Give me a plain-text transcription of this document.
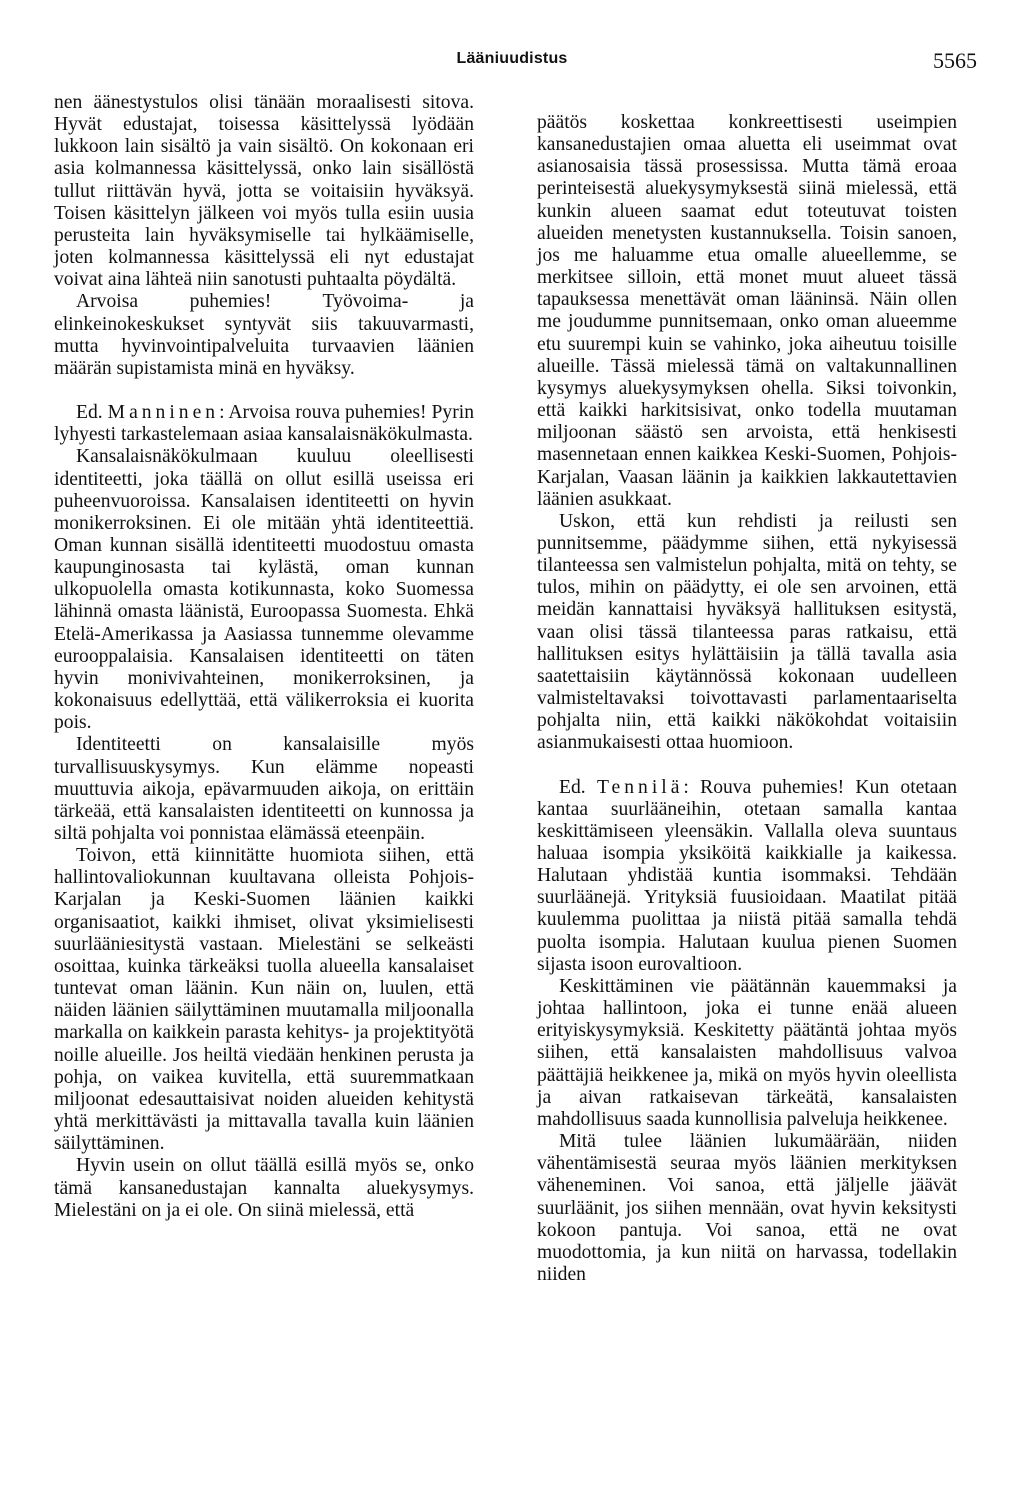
Lääniuudistus	5565

nen äänestystulos olisi tänään moraalisesti sitova. Hyvät edustajat, toisessa käsittelyssä lyödään lukkoon lain sisältö ja vain sisältö. On kokonaan eri asia kolmannessa käsittelyssä, onko lain sisällöstä tullut riittävän hyvä, jotta se voitaisiin hyväksyä. Toisen käsittelyn jälkeen voi myös tulla esiin uusia perusteita lain hyväksymiselle tai hylkäämiselle, joten kolmannessa käsittelyssä eli nyt edustajat voivat aina lähteä niin sanotusti puhtaalta pöydältä.

Arvoisa puhemies! Työvoima- ja elinkeinokeskukset syntyvät siis takuuvarmasti, mutta hyvinvointipalveluita turvaavien läänien määrän supistamista minä en hyväksy.

Ed. Manninen: Arvoisa rouva puhemies! Pyrin lyhyesti tarkastelemaan asiaa kansalaisnäkökulmasta.

Kansalaisnäkökulmaan kuuluu oleellisesti identiteetti, joka täällä on ollut esillä useissa eri puheenvuoroissa. Kansalaisen identiteetti on hyvin monikerroksinen. Ei ole mitään yhtä identiteettiä. Oman kunnan sisällä identiteetti muodostuu omasta kaupunginosasta tai kylästä, oman kunnan ulkopuolella omasta kotikunnasta, koko Suomessa lähinnä omasta läänistä, Euroopassa Suomesta. Ehkä Etelä-Amerikassa ja Aasiassa tunnemme olevamme eurooppalaisia. Kansalaisen identiteetti on täten hyvin monivivahteinen, monikerroksinen, ja kokonaisuus edellyttää, että välikerroksia ei kuorita pois.

Identiteetti on kansalaisille myös turvallisuuskysymys. Kun elämme nopeasti muuttuvia aikoja, epävarmuuden aikoja, on erittäin tärkeää, että kansalaisten identiteetti on kunnossa ja siltä pohjalta voi ponnistaa elämässä eteenpäin.

Toivon, että kiinnitätte huomiota siihen, että hallintovaliokunnan kuultavana olleista Pohjois-Karjalan ja Keski-Suomen läänien kaikki organisaatiot, kaikki ihmiset, olivat yksimielisesti suurlääniesitystä vastaan. Mielestäni se selkeästi osoittaa, kuinka tärkeäksi tuolla alueella kansalaiset tuntevat oman läänin. Kun näin on, luulen, että näiden läänien säilyttäminen muutamalla miljoonalla markalla on kaikkein parasta kehitys- ja projektityötä noille alueille. Jos heiltä viedään henkinen perusta ja pohja, on vaikea kuvitella, että suuremmatkaan miljoonat edesauttaisivat noiden alueiden kehitystä yhtä merkittävästi ja mittavalla tavalla kuin läänien säilyttäminen.

Hyvin usein on ollut täällä esillä myös se, onko tämä kansanedustajan kannalta aluekysymys. Mielestäni on ja ei ole. On siinä mielessä, että

päätös koskettaa konkreettisesti useimpien kansanedustajien omaa aluetta eli useimmat ovat asianosaisia tässä prosessissa. Mutta tämä eroaa perinteisestä aluekysymyksestä siinä mielessä, että kunkin alueen saamat edut toteutuvat toisten alueiden menetysten kustannuksella. Toisin sanoen, jos me haluamme etua omalle alueellemme, se merkitsee silloin, että monet muut alueet tässä tapauksessa menettävät oman lääninsä. Näin ollen me joudumme punnitsemaan, onko oman alueemme etu suurempi kuin se vahinko, joka aiheutuu toisille alueille. Tässä mielessä tämä on valtakunnallinen kysymys aluekysymyksen ohella. Siksi toivonkin, että kaikki harkitsisivat, onko todella muutaman miljoonan säästö sen arvoista, että henkisesti masennetaan ennen kaikkea Keski-Suomen, Pohjois-Karjalan, Vaasan läänin ja kaikkien lakkautettavien läänien asukkaat.

Uskon, että kun rehdisti ja reilusti sen punnitsemme, päädymme siihen, että nykyisessä tilanteessa sen valmistelun pohjalta, mitä on tehty, se tulos, mihin on päädytty, ei ole sen arvoinen, että meidän kannattaisi hyväksyä hallituksen esitystä, vaan olisi tässä tilanteessa paras ratkaisu, että hallituksen esitys hylättäisiin ja tällä tavalla asia saatettaisiin käytännössä kokonaan uudelleen valmisteltavaksi toivottavasti parlamentaariselta pohjalta niin, että kaikki näkökohdat voitaisiin asianmukaisesti ottaa huomioon.

Ed. Tennilä: Rouva puhemies! Kun otetaan kantaa suurlääneihin, otetaan samalla kantaa keskittämiseen yleensäkin. Vallalla oleva suuntaus haluaa isompia yksiköitä kaikkialle ja kaikessa. Halutaan yhdistää kuntia isommaksi. Tehdään suurläänejä. Yrityksiä fuusioidaan. Maatilat pitää kuulemma puolittaa ja niistä pitää samalla tehdä puolta isompia. Halutaan kuulua pienen Suomen sijasta isoon eurovaltioon.

Keskittäminen vie päätännän kauemmaksi ja johtaa hallintoon, joka ei tunne enää alueen erityiskysymyksiä. Keskitetty päätäntä johtaa myös siihen, että kansalaisten mahdollisuus valvoa päättäjiä heikkenee ja, mikä on myös hyvin oleellista ja aivan ratkaisevan tärkeätä, kansalaisten mahdollisuus saada kunnollisia palveluja heikkenee.

Mitä tulee läänien lukumäärään, niiden vähentämisestä seuraa myös läänien merkityksen väheneminen. Voi sanoa, että jäljelle jäävät suurläänit, jos siihen mennään, ovat hyvin keksitysti kokoon pantuja. Voi sanoa, että ne ovat muodottomia, ja kun niitä on harvassa, todellakin niiden
